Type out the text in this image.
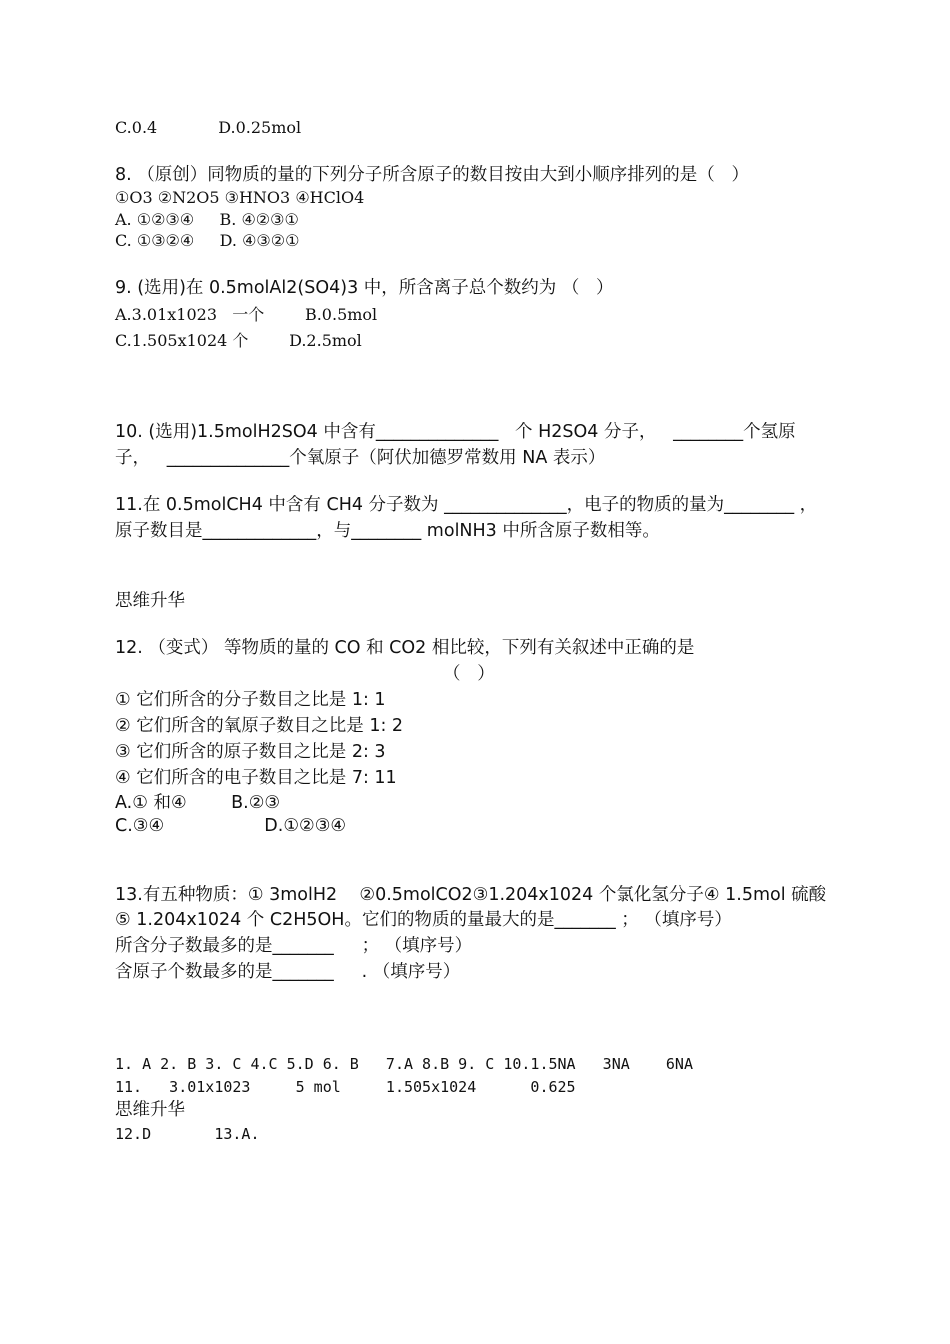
C.0.4            D.0.25mol
8. （原创）同物质的量的下列分子所含原子的数目按由大到小顺序排列的是（   ）
①O3 ②N2O5 ③HNO3 ④HClO4
A. ①②③④     B. ④②③①
C. ①③②④     D. ④③②①
9. (选用)在 0.5molAl2(SO4)3 中，所含离子总个数约为 （   ）
A.3.01x1023   一个        B.0.5mol
C.1.505x1024 个        D.2.5mol
10. (选用)1.5molH2SO4 中含有______________   个 H2SO4 分子，   ________个氢原
子，   ______________个氧原子（阿伏加德罗常数用 NA 表示）
11.在 0.5molCH4 中含有 CH4 分子数为 ______________，电子的物质的量为________ ，
原子数目是_____________，与________ molNH3 中所含原子数相等。
思维升华
12. （变式） 等物质的量的 CO 和 CO2 相比较，下列有关叙述中正确的是
（   ）
① 它们所含的分子数目之比是 1: 1
② 它们所含的氧原子数目之比是 1: 2
③ 它们所含的原子数目之比是 2: 3
④ 它们所含的电子数目之比是 7: 11
A.① 和④        B.②③
C.③④                  D.①②③④
13.有五种物质：① 3molH2    ②0.5molCO2③1.204x1024 个氯化氢分子④ 1.5mol 硫酸
⑤ 1.204x1024 个 C2H5OH。它们的物质的量最大的是_______ ； （填序号）
所含分子数最多的是_______     ； （填序号）
含原子个数最多的是_______     . （填序号）
1. A 2. B 3. C 4.C 5.D 6. B   7.A 8.B 9. C 10.1.5NA   3NA    6NA
11.   3.01x1023     5 mol     1.505x1024      0.625
思维升华
12.D       13.A.
